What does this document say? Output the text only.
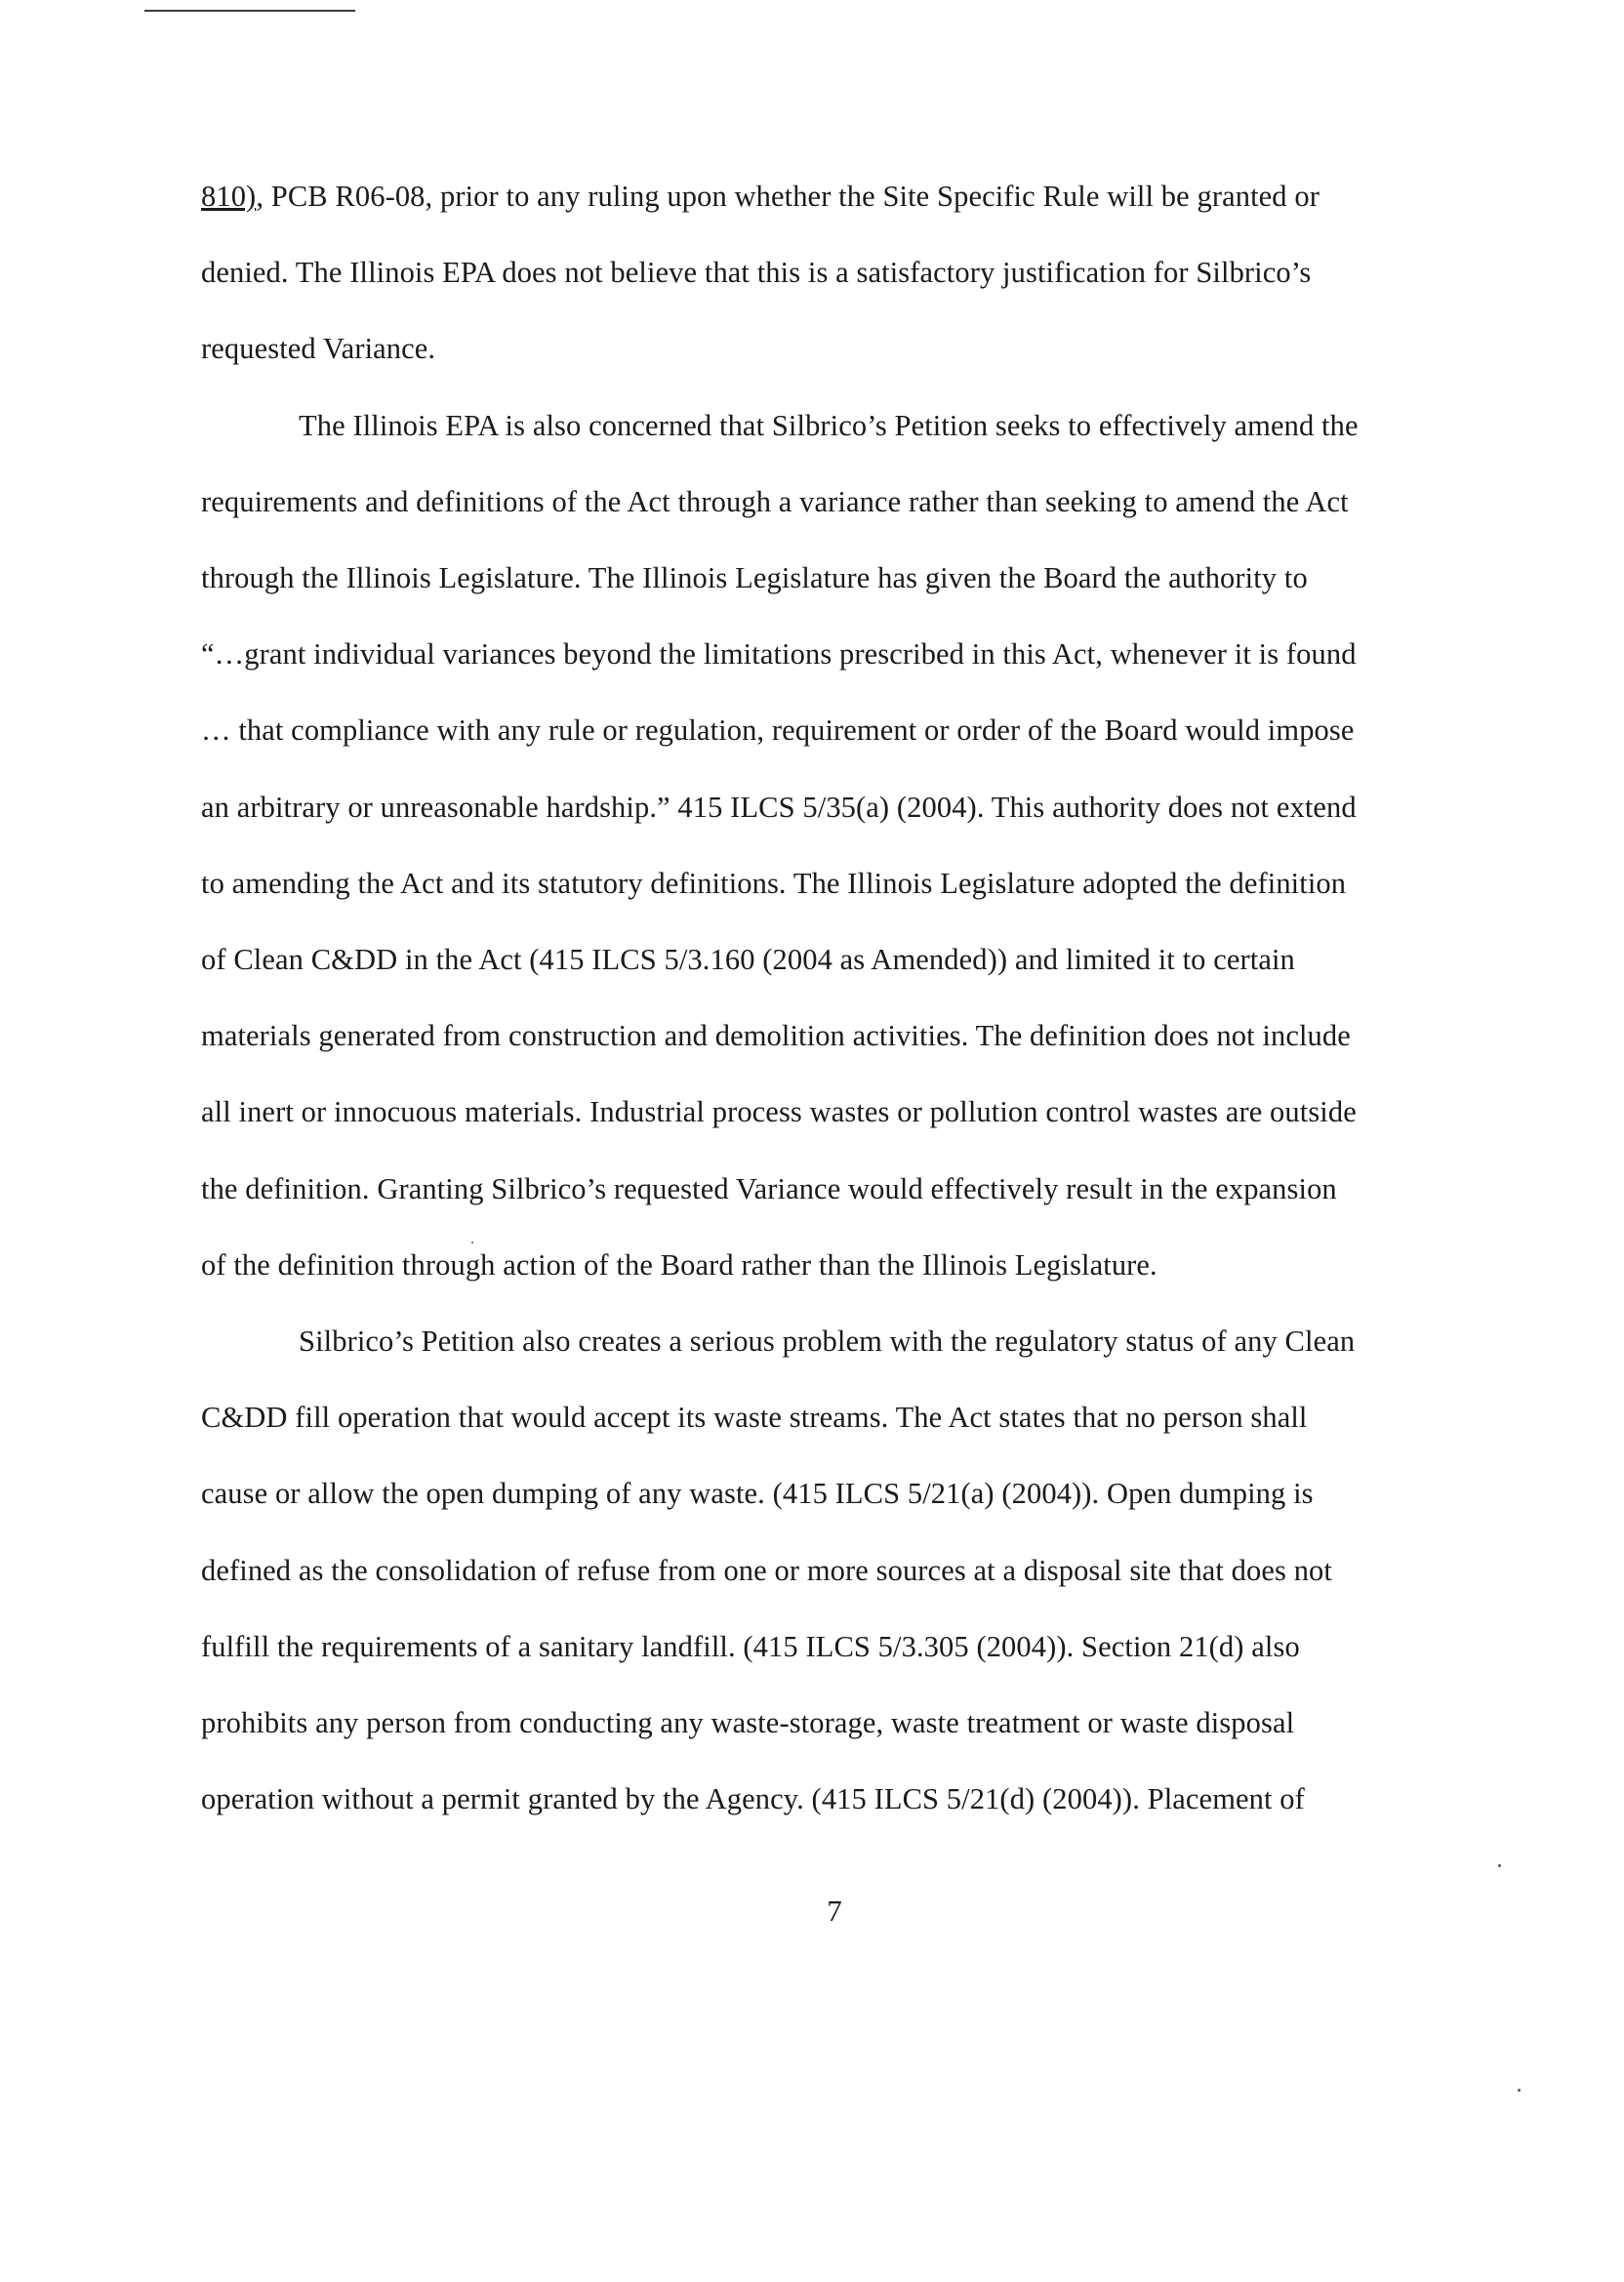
810), PCB R06-08, prior to any ruling upon whether the Site Specific Rule will be granted or
denied. The Illinois EPA does not believe that this is a satisfactory justification for Silbrico’s
requested Variance.
The Illinois EPA is also concerned that Silbrico’s Petition seeks to effectively amend the
requirements and definitions of the Act through a variance rather than seeking to amend the Act
through the Illinois Legislature. The Illinois Legislature has given the Board the authority to
“…grant individual variances beyond the limitations prescribed in this Act, whenever it is found
… that compliance with any rule or regulation, requirement or order of the Board would impose
an arbitrary or unreasonable hardship.” 415 ILCS 5/35(a) (2004). This authority does not extend
to amending the Act and its statutory definitions. The Illinois Legislature adopted the definition
of Clean C&DD in the Act (415 ILCS 5/3.160 (2004 as Amended)) and limited it to certain
materials generated from construction and demolition activities. The definition does not include
all inert or innocuous materials. Industrial process wastes or pollution control wastes are outside
the definition. Granting Silbrico’s requested Variance would effectively result in the expansion
of the definition through action of the Board rather than the Illinois Legislature.
Silbrico’s Petition also creates a serious problem with the regulatory status of any Clean
C&DD fill operation that would accept its waste streams. The Act states that no person shall
cause or allow the open dumping of any waste. (415 ILCS 5/21(a) (2004)). Open dumping is
defined as the consolidation of refuse from one or more sources at a disposal site that does not
fulfill the requirements of a sanitary landfill. (415 ILCS 5/3.305 (2004)). Section 21(d) also
prohibits any person from conducting any waste-storage, waste treatment or waste disposal
operation without a permit granted by the Agency. (415 ILCS 5/21(d) (2004)). Placement of
7
